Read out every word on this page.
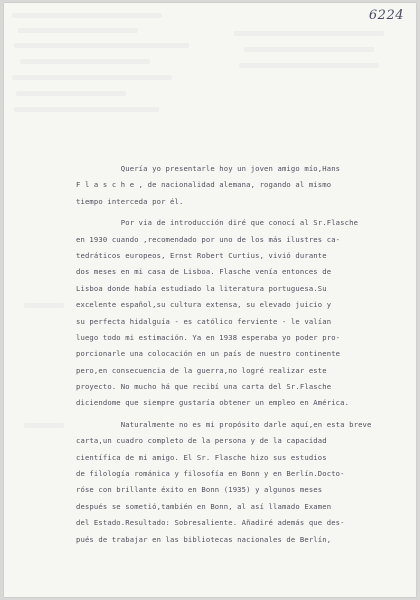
6224
Quería yo presentarle hoy un joven amigo mío,Hans
F l a s c h e , de nacionalidad alemana, rogando al mismo
tiempo interceda por él.
Por via de introducción diré que conocí al Sr.Flasche
en 1930 cuando ,recomendado por uno de los más ilustres ca-
tedráticos europeos, Ernst Robert Curtius, vivió durante
dos meses en mi casa de Lisboa. Flasche venía entonces de
Lisboa donde había estudiado la literatura portuguesa.Su
excelente español,su cultura extensa, su elevado juicio y
su perfecta hidalguía - es católico ferviente - le valían
luego todo mi estimación. Ya en 1938 esperaba yo poder pro-
porcionarle una colocación en un país de nuestro continente
pero,en consecuencia de la guerra,no logré realizar este
proyecto. No mucho há que recibí una carta del Sr.Flasche
diciendome que siempre gustaría obtener un empleo en América.
Naturalmente no es mi propósito darle aquí,en esta breve
carta,un cuadro completo de la persona y de la capacidad
científica de mi amigo. El Sr. Flasche hizo sus estudios
de filología románica y filosofía en Bonn y en Berlín.Docto-
róse con brillante éxito en Bonn (1935) y algunos meses
después se sometió,también en Bonn, al así llamado Examen
del Estado.Resultado: Sobresaliente. Añadiré además que des-
pués de trabajar en las bibliotecas nacionales de Berlín,
